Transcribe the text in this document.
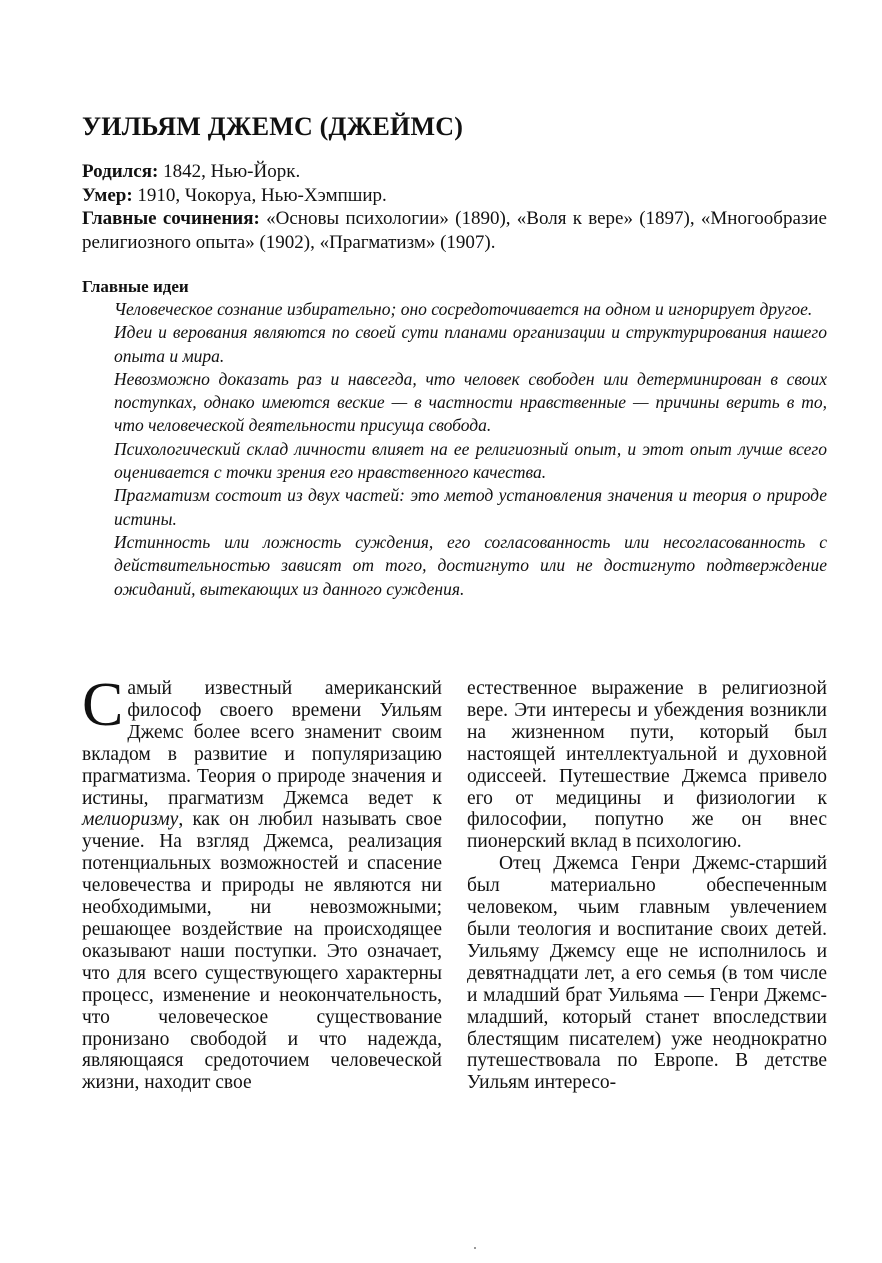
УИЛЬЯМ ДЖЕМС (ДЖЕЙМС)
Родился: 1842, Нью-Йорк.
Умер: 1910, Чокоруа, Нью-Хэмпшир.
Главные сочинения: «Основы психологии» (1890), «Воля к вере» (1897), «Многообразие религиозного опыта» (1902), «Прагматизм» (1907).

Главные идеи

Человеческое сознание избирательно; оно сосредоточивается на одном и игнорирует другое.

Идеи и верования являются по своей сути планами организации и структурирования нашего опыта и мира.

Невозможно доказать раз и навсегда, что человек свободен или детерминирован в своих поступках, однако имеются веские — в частности нравственные — причины верить в то, что человеческой деятельности присуща свобода.

Психологический склад личности влияет на ее религиозный опыт, и этот опыт лучше всего оценивается с точки зрения его нравственного качества.

Прагматизм состоит из двух частей: это метод установления значения и теория о природе истины.

Истинность или ложность суждения, его согласованность или несогласованность с действительностью зависят от того, достигнуто или не достигнуто подтверждение ожиданий, вытекающих из данного суждения.

Самый известный американский философ своего времени Уильям Джемс более всего знаменит своим вкладом в развитие и популяризацию прагматизма. Теория о природе значения и истины, прагматизм Джемса ведет к мелиоризму, как он любил называть свое учение. На взгляд Джемса, реализация потенциальных возможностей и спасение человечества и природы не являются ни необходимыми, ни невозможными; решающее воздействие на происходящее оказывают наши поступки. Это означает, что для всего существующего характерны процесс, изменение и неокончательность, что человеческое существование пронизано свободой и что надежда, являющаяся средоточием человеческой жизни, находит свое

естественное выражение в религиозной вере. Эти интересы и убеждения возникли на жизненном пути, который был настоящей интеллектуальной и духовной одиссеей. Путешествие Джемса привело его от медицины и физиологии к философии, попутно же он внес пионерский вклад в психологию.

Отец Джемса Генри Джемс-старший был материально обеспеченным человеком, чьим главным увлечением были теология и воспитание своих детей. Уильяму Джемсу еще не исполнилось и девятнадцати лет, а его семья (в том числе и младший брат Уильяма — Генри Джемс-младший, который станет впоследствии блестящим писателем) уже неоднократно путешествовала по Европе. В детстве Уильям интересо-
